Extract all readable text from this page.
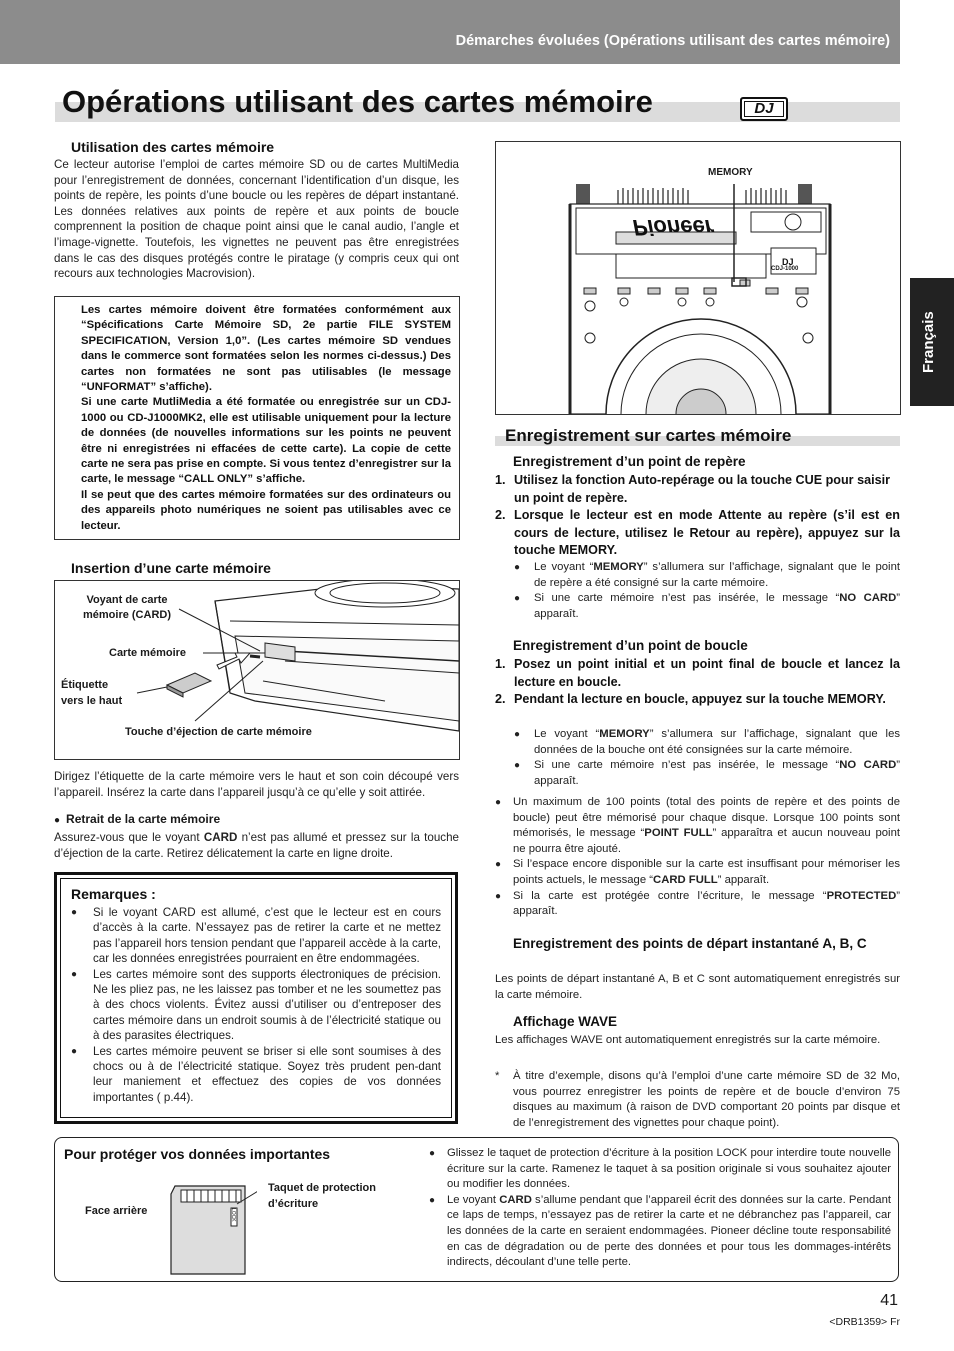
Démarches évoluées (Opérations utilisant des cartes mémoire)
Opérations utilisant des cartes mémoire	DJ
Français
Utilisation des cartes mémoire
Ce lecteur autorise l’emploi de cartes mémoire SD ou de cartes MultiMedia pour l’enregistrement de données, concernant l’identification d’un disque, les points de repère, les points d’une boucle ou les repères de départ instantané. Les données relatives aux points de repère et aux points de boucle comprennent la position de chaque point ainsi que le canal audio, l’angle et l’image-vignette. Toutefois, les vignettes ne peuvent pas être enregistrées dans le cas des disques protégés contre le piratage (y compris ceux qui ont recours aux technologies Macrovision).
Les cartes mémoire doivent être formatées conformément aux “Spécifications Carte Mémoire SD, 2e partie FILE SYSTEM SPECIFICATION, Version 1,0”. (Les cartes mémoire SD vendues dans le commerce sont formatées selon les normes ci-dessus.) Des cartes non formatées ne sont pas utilisables (le message “UNFORMAT” s’affiche).
Si une carte MutliMedia a été formatée ou enregistrée sur un CDJ-1000 ou CD-J1000MK2, elle est utilisable uniquement pour la lecture de données (de nouvelles informations sur les points ne peuvent être ni enregistrées ni effacées de cette carte). La copie de cette carte ne sera pas prise en compte. Si vous tentez d’enregistrer sur la carte, le message “CALL ONLY” s’affiche.
Il se peut que des cartes mémoire formatées sur des ordinateurs ou des appareils photo numériques ne soient pas utilisables avec ce lecteur.
Insertion d’une carte mémoire
Voyant de carte
mémoire (CARD)
Carte mémoire
Étiquette
vers le haut
Touche d’éjection de carte mémoire
Dirigez l’étiquette de la carte mémoire vers le haut et son coin découpé vers l’appareil. Insérez la carte dans l’appareil jusqu’à ce qu’elle y soit attirée.
● Retrait de la carte mémoire
Assurez-vous que le voyant CARD n’est pas allumé et pressez sur la touche d’éjection de la carte. Retirez délicatement la carte en ligne droite.
Remarques :
● Si le voyant CARD est allumé, c’est que le lecteur est en cours d’accès à la carte. N’essayez pas de retirer la carte et ne mettez pas l’appareil hors tension pendant que l’appareil accède à la carte, car les données enregistrées pourraient en être endommagées.
● Les cartes mémoire sont des supports électroniques de précision. Ne les pliez pas, ne les laissez pas tomber et ne les soumettez pas à des chocs violents. Évitez aussi d’utiliser ou d’entreposer des cartes mémoire dans un endroit soumis à de l’électricité statique ou à des parasites électriques.
● Les cartes mémoire peuvent se briser si elle sont soumises à des chocs ou à de l’électricité statique. Soyez très prudent pen-dant leur maniement et effectuez des copies de vos données importantes ( p.44).
DJ
MEMORY
Pioneer
CDJ-1000
Enregistrement sur cartes mémoire
Enregistrement d’un point de repère
1. Utilisez la fonction Auto-repérage ou la touche CUE pour saisir un point de repère.
2. Lorsque le lecteur est en mode Attente au repère (s’il est en cours de lecture, utilisez le Retour au repère), appuyez sur la touche MEMORY.
● Le voyant “MEMORY” s’allumera sur l’affichage, signalant que le point de repère a été consigné sur la carte mémoire.
● Si une carte mémoire n’est pas insérée, le message “NO CARD” apparaît.
Enregistrement d’un point de boucle
1. Posez un point initial et un point final de boucle et lancez la lecture en boucle.
2. Pendant la lecture en boucle, appuyez sur la touche MEMORY.
● Le voyant “MEMORY” s’allumera sur l’affichage, signalant que les données de la bouche ont été consignées sur la carte mémoire.
● Si une carte mémoire n’est pas insérée, le message “NO CARD” apparaît.
● Un maximum de 100 points (total des points de repère et des points de boucle) peut être mémorisé pour chaque disque. Lorsque 100 points sont mémorisés, le message “POINT FULL” apparaîtra et aucun nouveau point ne pourra être ajouté.
● Si l’espace encore disponible sur la carte est insuffisant pour mémoriser les points actuels, le message “CARD FULL” apparaît.
● Si la carte est protégée contre l’écriture, le message “PROTECTED” apparaît.
Enregistrement des points de départ instantané A, B, C
Les points de départ instantané A, B et C sont automatiquement enregistrés sur la carte mémoire.
Affichage WAVE
Les affichages WAVE ont automatiquement enregistrés sur la carte mémoire.
*	À titre d’exemple, disons qu’à l’emploi d’une carte mémoire SD de 32 Mo, vous pourrez enregistrer les points de repère et de boucle d’environ 75 disques au maximum (à raison de DVD comportant 20 points par disque et de l’enregistrement des vignettes pour chaque point).
Pour protéger vos données importantes
LOCK
Face arrière
Taquet de protection
d’écriture
● Glissez le taquet de protection d’écriture à la position LOCK pour interdire toute nouvelle écriture sur la carte. Ramenez le taquet à sa position originale si vous souhaitez ajouter ou modifier les données.
● Le voyant CARD s’allume pendant que l’appareil écrit des données sur la carte. Pendant ce laps de temps, n’essayez pas de retirer la carte et ne débranchez pas l’appareil, car les données de la carte en seraient endommagées. Pioneer décline toute responsabilité en cas de dégradation ou de perte des données et pour tous les dommages-intérêts indirects, découlant d’une telle perte.
41
<DRB1359> Fr
